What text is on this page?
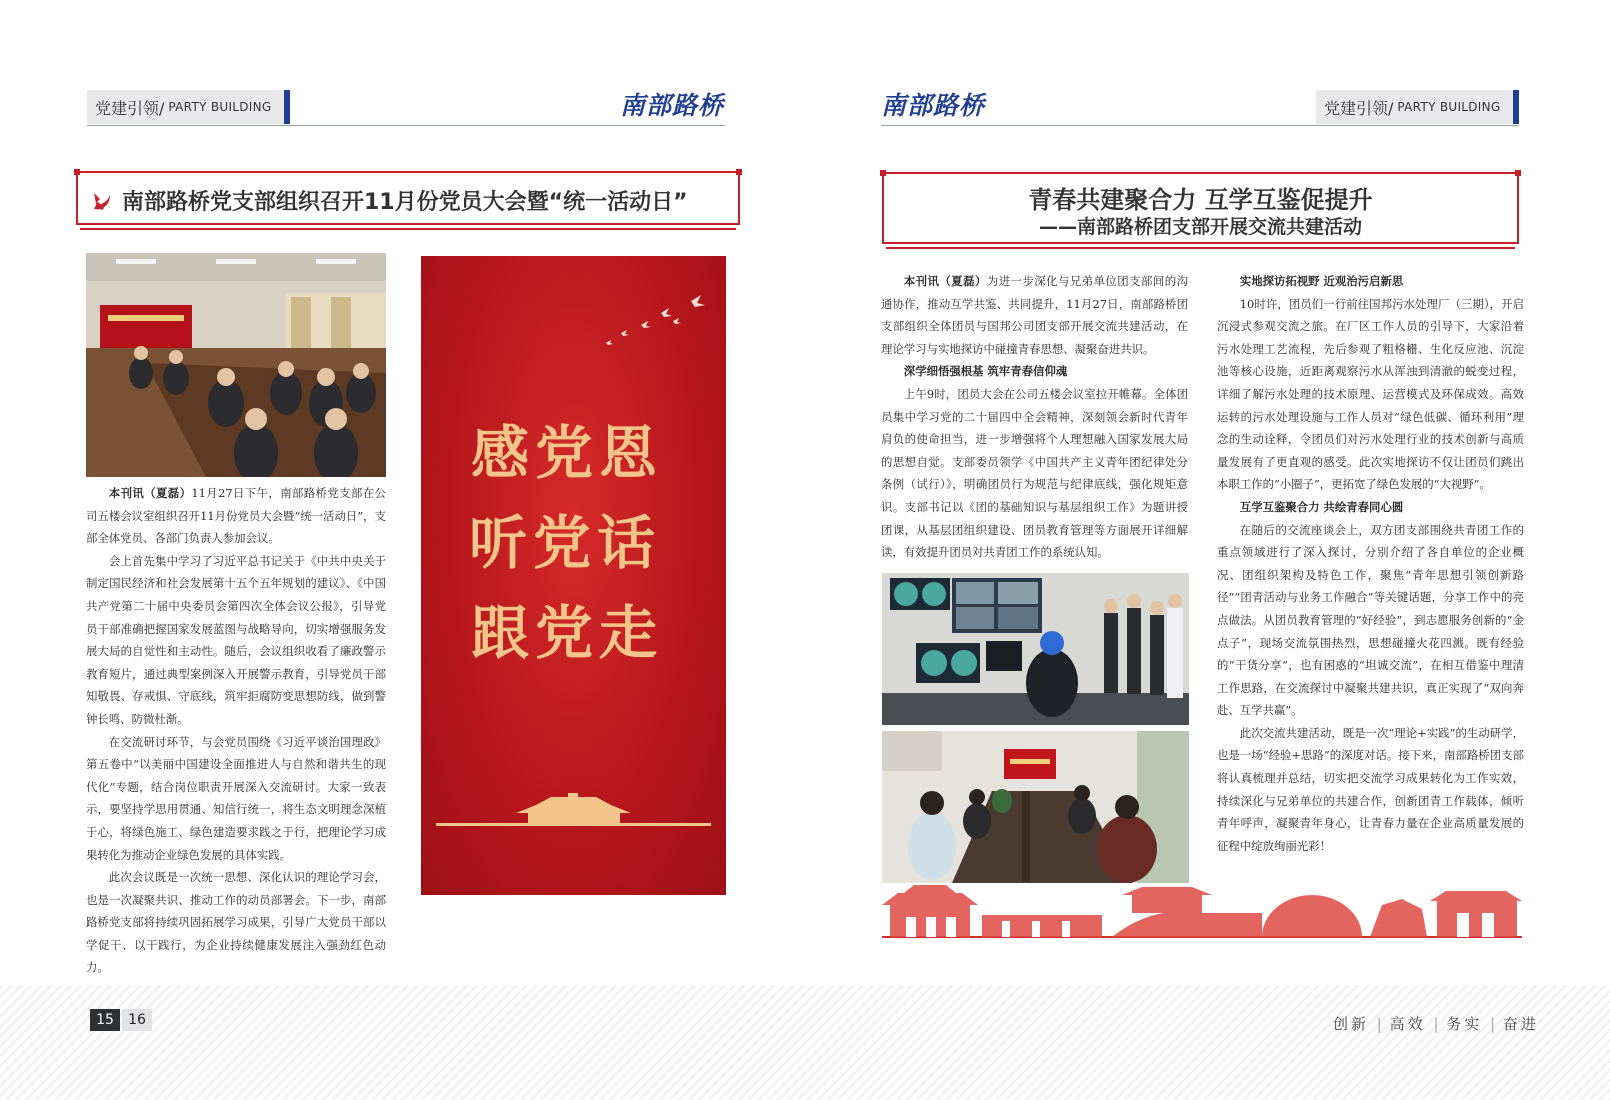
党建引领/ PARTY BUILDING	南部路桥	南部路桥	党建引领/ PARTY BUILDING
南部路桥党支部组织召开11月份党员大会暨“统一活动日”

本刊讯（夏磊）11月27日下午，南部路桥党支部在公司五楼会议室组织召开11月份党员大会暨“统一活动日”，支部全体党员、各部门负责人参加会议。

会上首先集中学习了习近平总书记关于《中共中央关于制定国民经济和社会发展第十五个五年规划的建议》、《中国共产党第二十届中央委员会第四次全体会议公报》，引导党员干部准确把握国家发展蓝图与战略导向，切实增强服务发展大局的自觉性和主动性。随后，会议组织收看了廉政警示教育短片，通过典型案例深入开展警示教育，引导党员干部知敬畏、存戒惧、守底线，筑牢拒腐防变思想防线，做到警钟长鸣、防微杜渐。

在交流研讨环节，与会党员围绕《习近平谈治国理政》第五卷中“以美丽中国建设全面推进人与自然和谐共生的现代化”专题，结合岗位职责开展深入交流研讨。大家一致表示，要坚持学思用贯通、知信行统一，将生态文明理念深植于心，将绿色施工、绿色建造要求践之于行，把理论学习成果转化为推动企业绿色发展的具体实践。

此次会议既是一次统一思想、深化认识的理论学习会，也是一次凝聚共识、推动工作的动员部署会。下一步，南部路桥党支部将持续巩固拓展学习成果，引导广大党员干部以学促干、以干践行，为企业持续健康发展注入强劲红色动力。

感党恩
听党话
跟党走
青春共建聚合力 互学互鉴促提升
——南部路桥团支部开展交流共建活动

本刊讯（夏磊）为进一步深化与兄弟单位团支部间的沟通协作，推动互学共鉴、共同提升，11月27日，南部路桥团支部组织全体团员与国邦公司团支部开展交流共建活动，在理论学习与实地探访中碰撞青春思想、凝聚奋进共识。

深学细悟强根基 筑牢青春信仰魂

上午9时，团员大会在公司五楼会议室拉开帷幕。全体团员集中学习党的二十届四中全会精神，深刻领会新时代青年肩负的使命担当，进一步增强将个人理想融入国家发展大局的思想自觉。支部委员领学《中国共产主义青年团纪律处分条例（试行）》，明确团员行为规范与纪律底线，强化规矩意识。支部书记以《团的基础知识与基层组织工作》为题讲授团课，从基层团组织建设、团员教育管理等方面展开详细解读，有效提升团员对共青团工作的系统认知。

实地探访拓视野 近观治污启新思

10时许，团员们一行前往国邦污水处理厂（三期），开启沉浸式参观交流之旅。在厂区工作人员的引导下，大家沿着污水处理工艺流程，先后参观了粗格栅、生化反应池、沉淀池等核心设施，近距离观察污水从浑浊到清澈的蜕变过程，详细了解污水处理的技术原理、运营模式及环保成效。高效运转的污水处理设施与工作人员对“绿色低碳、循环利用”理念的生动诠释，令团员们对污水处理行业的技术创新与高质量发展有了更直观的感受。此次实地探访不仅让团员们跳出本职工作的“小圈子”，更拓宽了绿色发展的“大视野”。

互学互鉴聚合力 共绘青春同心圆

在随后的交流座谈会上，双方团支部围绕共青团工作的重点领域进行了深入探讨，分别介绍了各自单位的企业概况、团组织架构及特色工作，聚焦“青年思想引领创新路径”“团青活动与业务工作融合”等关键话题，分享工作中的亮点做法。从团员教育管理的“好经验”，到志愿服务创新的“金点子”，现场交流氛围热烈，思想碰撞火花四溅。既有经验的“干货分享”，也有困惑的“坦诚交流”，在相互借鉴中理清工作思路，在交流探讨中凝聚共建共识，真正实现了“双向奔赴、互学共赢”。

此次交流共建活动，既是一次“理论+实践”的生动研学，也是一场“经验+思路”的深度对话。接下来，南部路桥团支部将认真梳理并总结，切实把交流学习成果转化为工作实效，持续深化与兄弟单位的共建合作，创新团青工作载体，倾听青年呼声，凝聚青年身心，让青春力量在企业高质量发展的征程中绽放绚丽光彩！

15	16	创新 | 高效 | 务实 | 奋进
